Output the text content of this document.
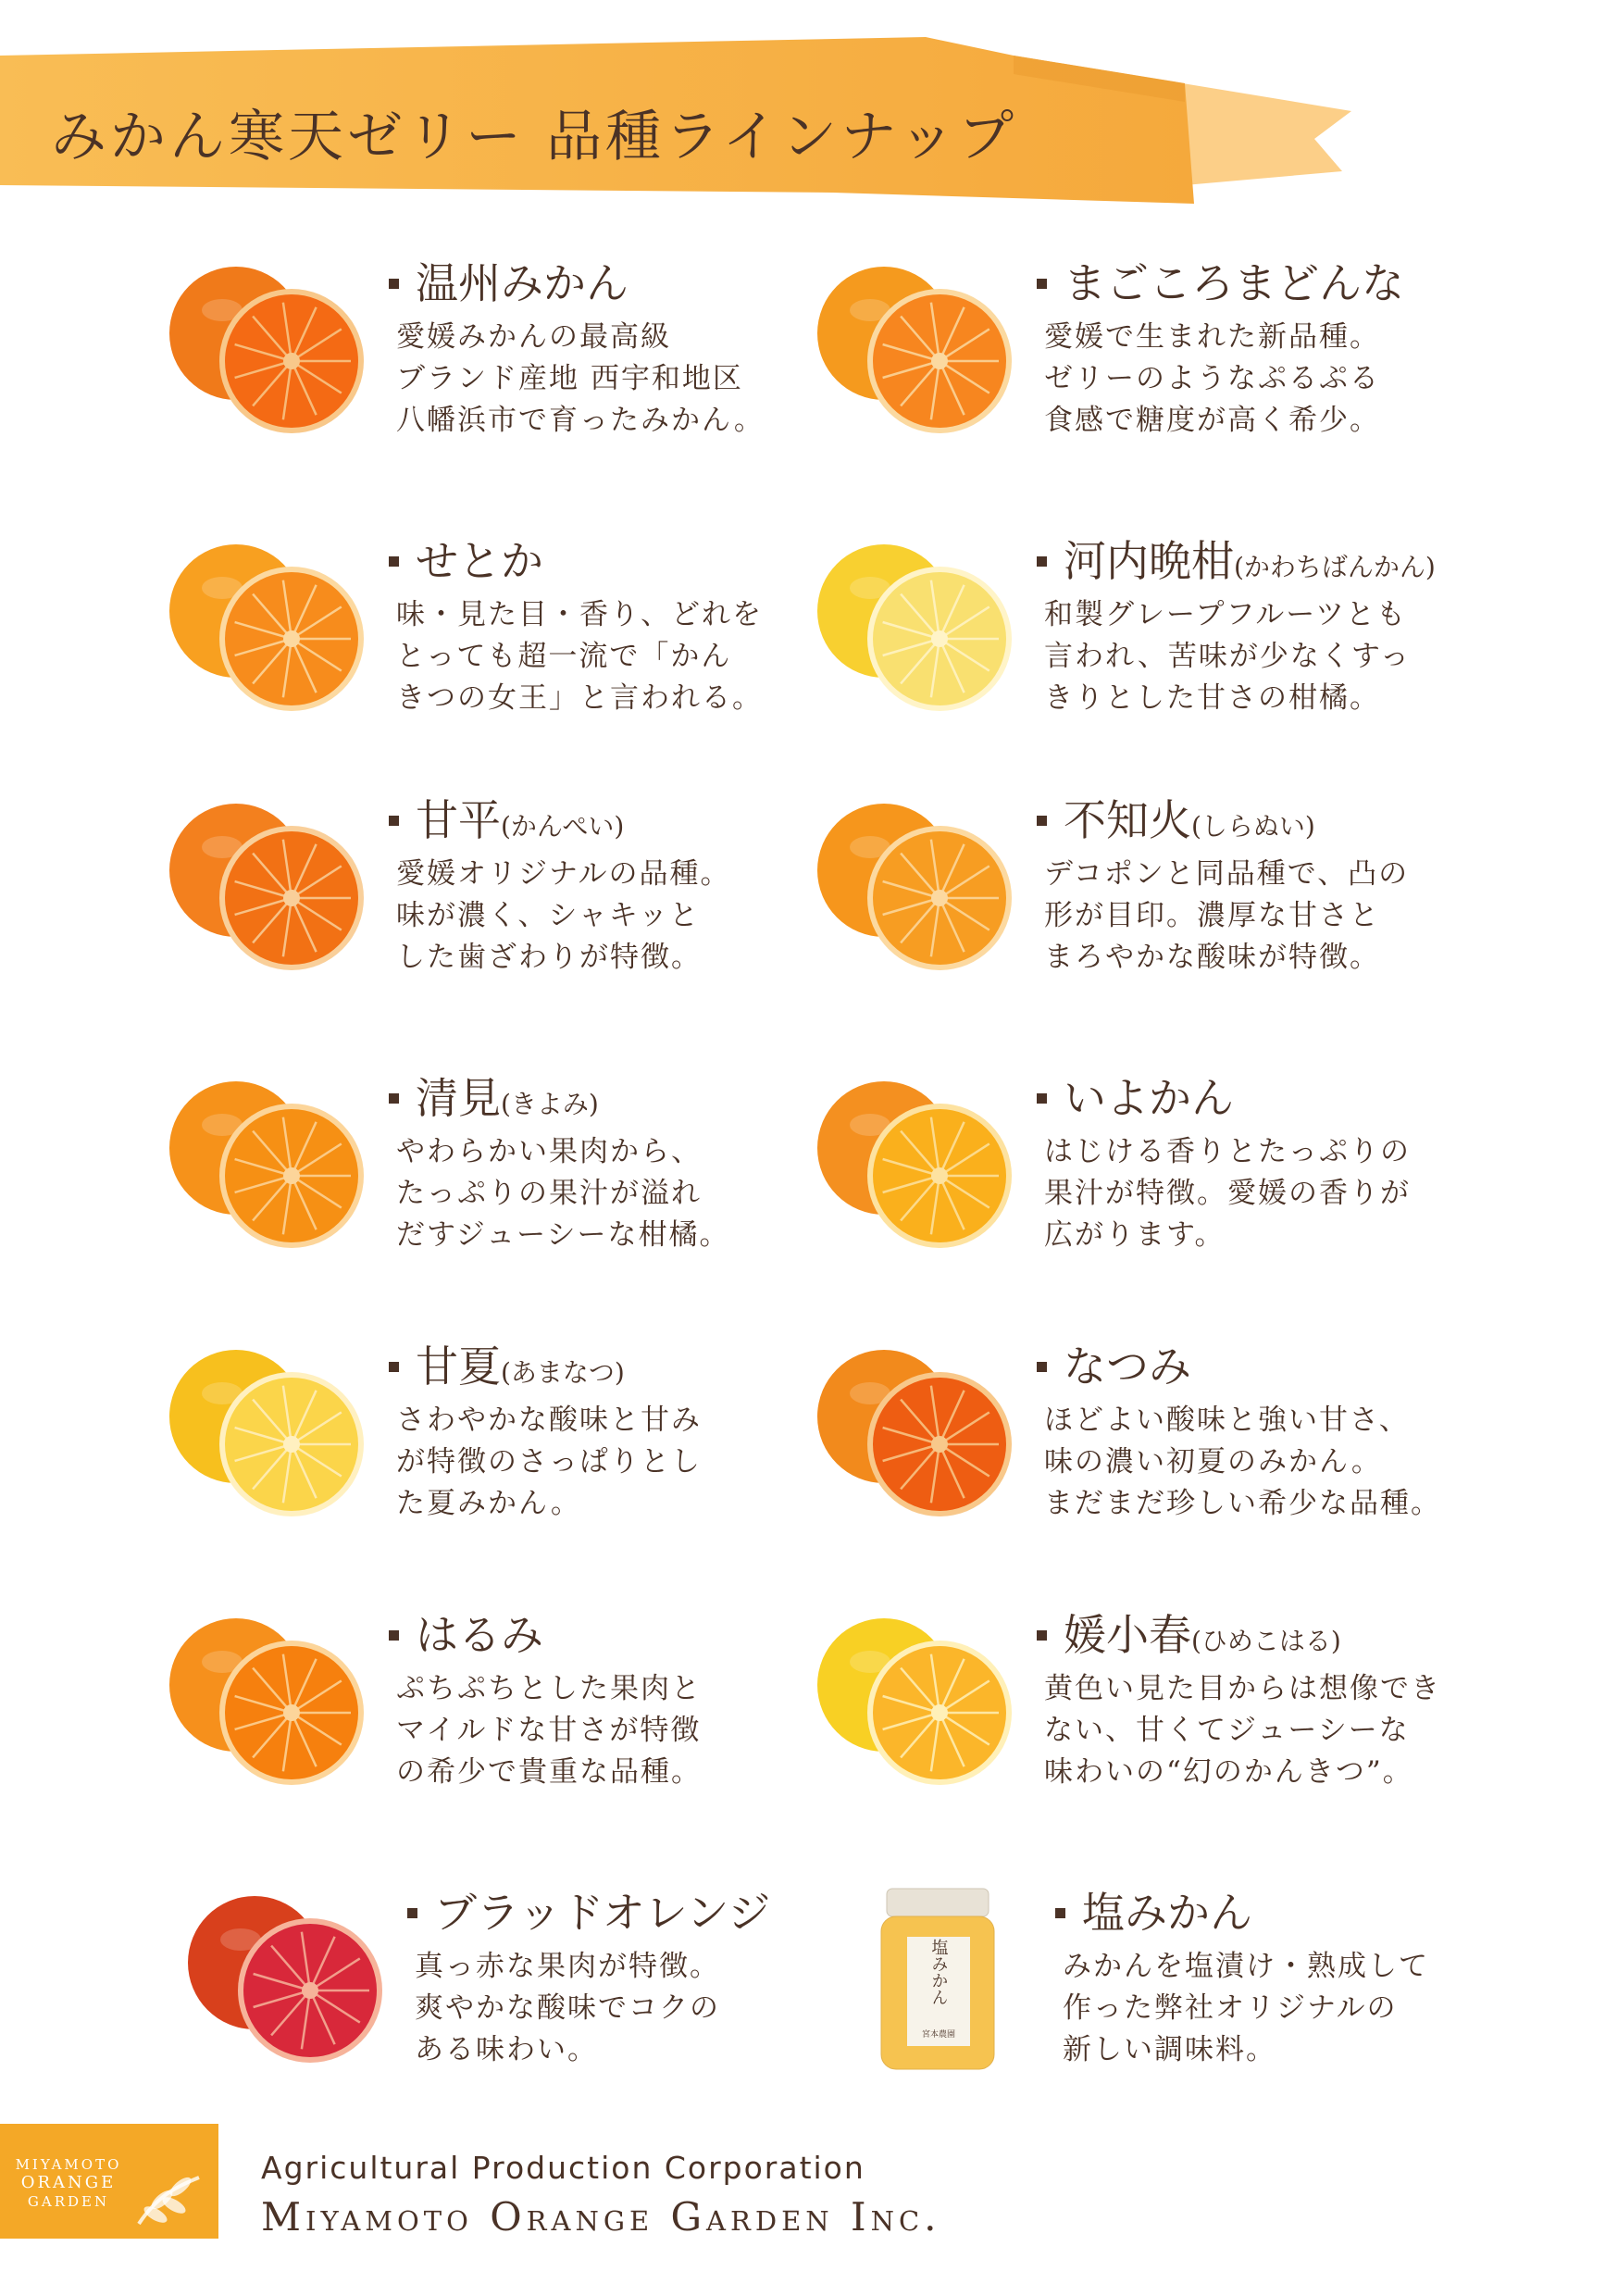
みかん寒天ゼリー 品種ラインナップ
温州みかん
愛媛みかんの最高級
ブランド産地 西宇和地区
八幡浜市で育ったみかん。
まごころまどんな
愛媛で生まれた新品種。
ゼリーのようなぷるぷる
食感で糖度が高く希少。
せとか
味・見た目・香り、どれを
とっても超一流で「かん
きつの女王」と言われる。
河内晩柑(かわちばんかん)
和製グレープフルーツとも
言われ、苦味が少なくすっ
きりとした甘さの柑橘。
甘平(かんぺい)
愛媛オリジナルの品種。
味が濃く、シャキッと
した歯ざわりが特徴。
不知火(しらぬい)
デコポンと同品種で、凸の
形が目印。濃厚な甘さと
まろやかな酸味が特徴。
清見(きよみ)
やわらかい果肉から、
たっぷりの果汁が溢れ
だすジューシーな柑橘。
いよかん
はじける香りとたっぷりの
果汁が特徴。愛媛の香りが
広がります。
甘夏(あまなつ)
さわやかな酸味と甘み
が特徴のさっぱりとし
た夏みかん。
なつみ
ほどよい酸味と強い甘さ、
味の濃い初夏のみかん。
まだまだ珍しい希少な品種。
はるみ
ぷちぷちとした果肉と
マイルドな甘さが特徴
の希少で貴重な品種。
媛小春(ひめこはる)
黄色い見た目からは想像でき
ない、甘くてジューシーな
味わいの“幻のかんきつ”。
ブラッドオレンジ
真っ赤な果肉が特徴。
爽やかな酸味でコクの
ある味わい。
塩みかん
宮本農園
塩みかん
みかんを塩漬け・熟成して
作った弊社オリジナルの
新しい調味料。
MIYAMOTO
ORANGE
GARDEN
Agricultural Production Corporation
Miyamoto Orange Garden Inc.
